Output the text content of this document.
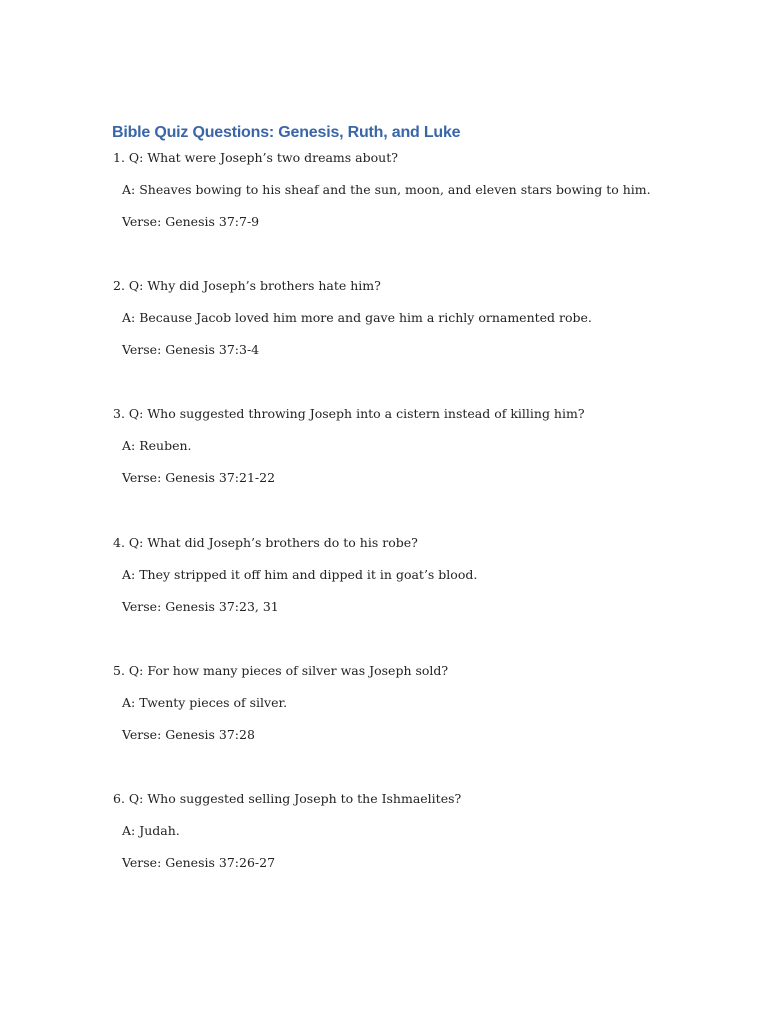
Bible Quiz Questions: Genesis, Ruth, and Luke
1. Q: What were Joseph’s two dreams about?
A: Sheaves bowing to his sheaf and the sun, moon, and eleven stars bowing to him.
Verse: Genesis 37:7-9
2. Q: Why did Joseph’s brothers hate him?
A: Because Jacob loved him more and gave him a richly ornamented robe.
Verse: Genesis 37:3-4
3. Q: Who suggested throwing Joseph into a cistern instead of killing him?
A: Reuben.
Verse: Genesis 37:21-22
4. Q: What did Joseph’s brothers do to his robe?
A: They stripped it off him and dipped it in goat’s blood.
Verse: Genesis 37:23, 31
5. Q: For how many pieces of silver was Joseph sold?
A: Twenty pieces of silver.
Verse: Genesis 37:28
6. Q: Who suggested selling Joseph to the Ishmaelites?
A: Judah.
Verse: Genesis 37:26-27
